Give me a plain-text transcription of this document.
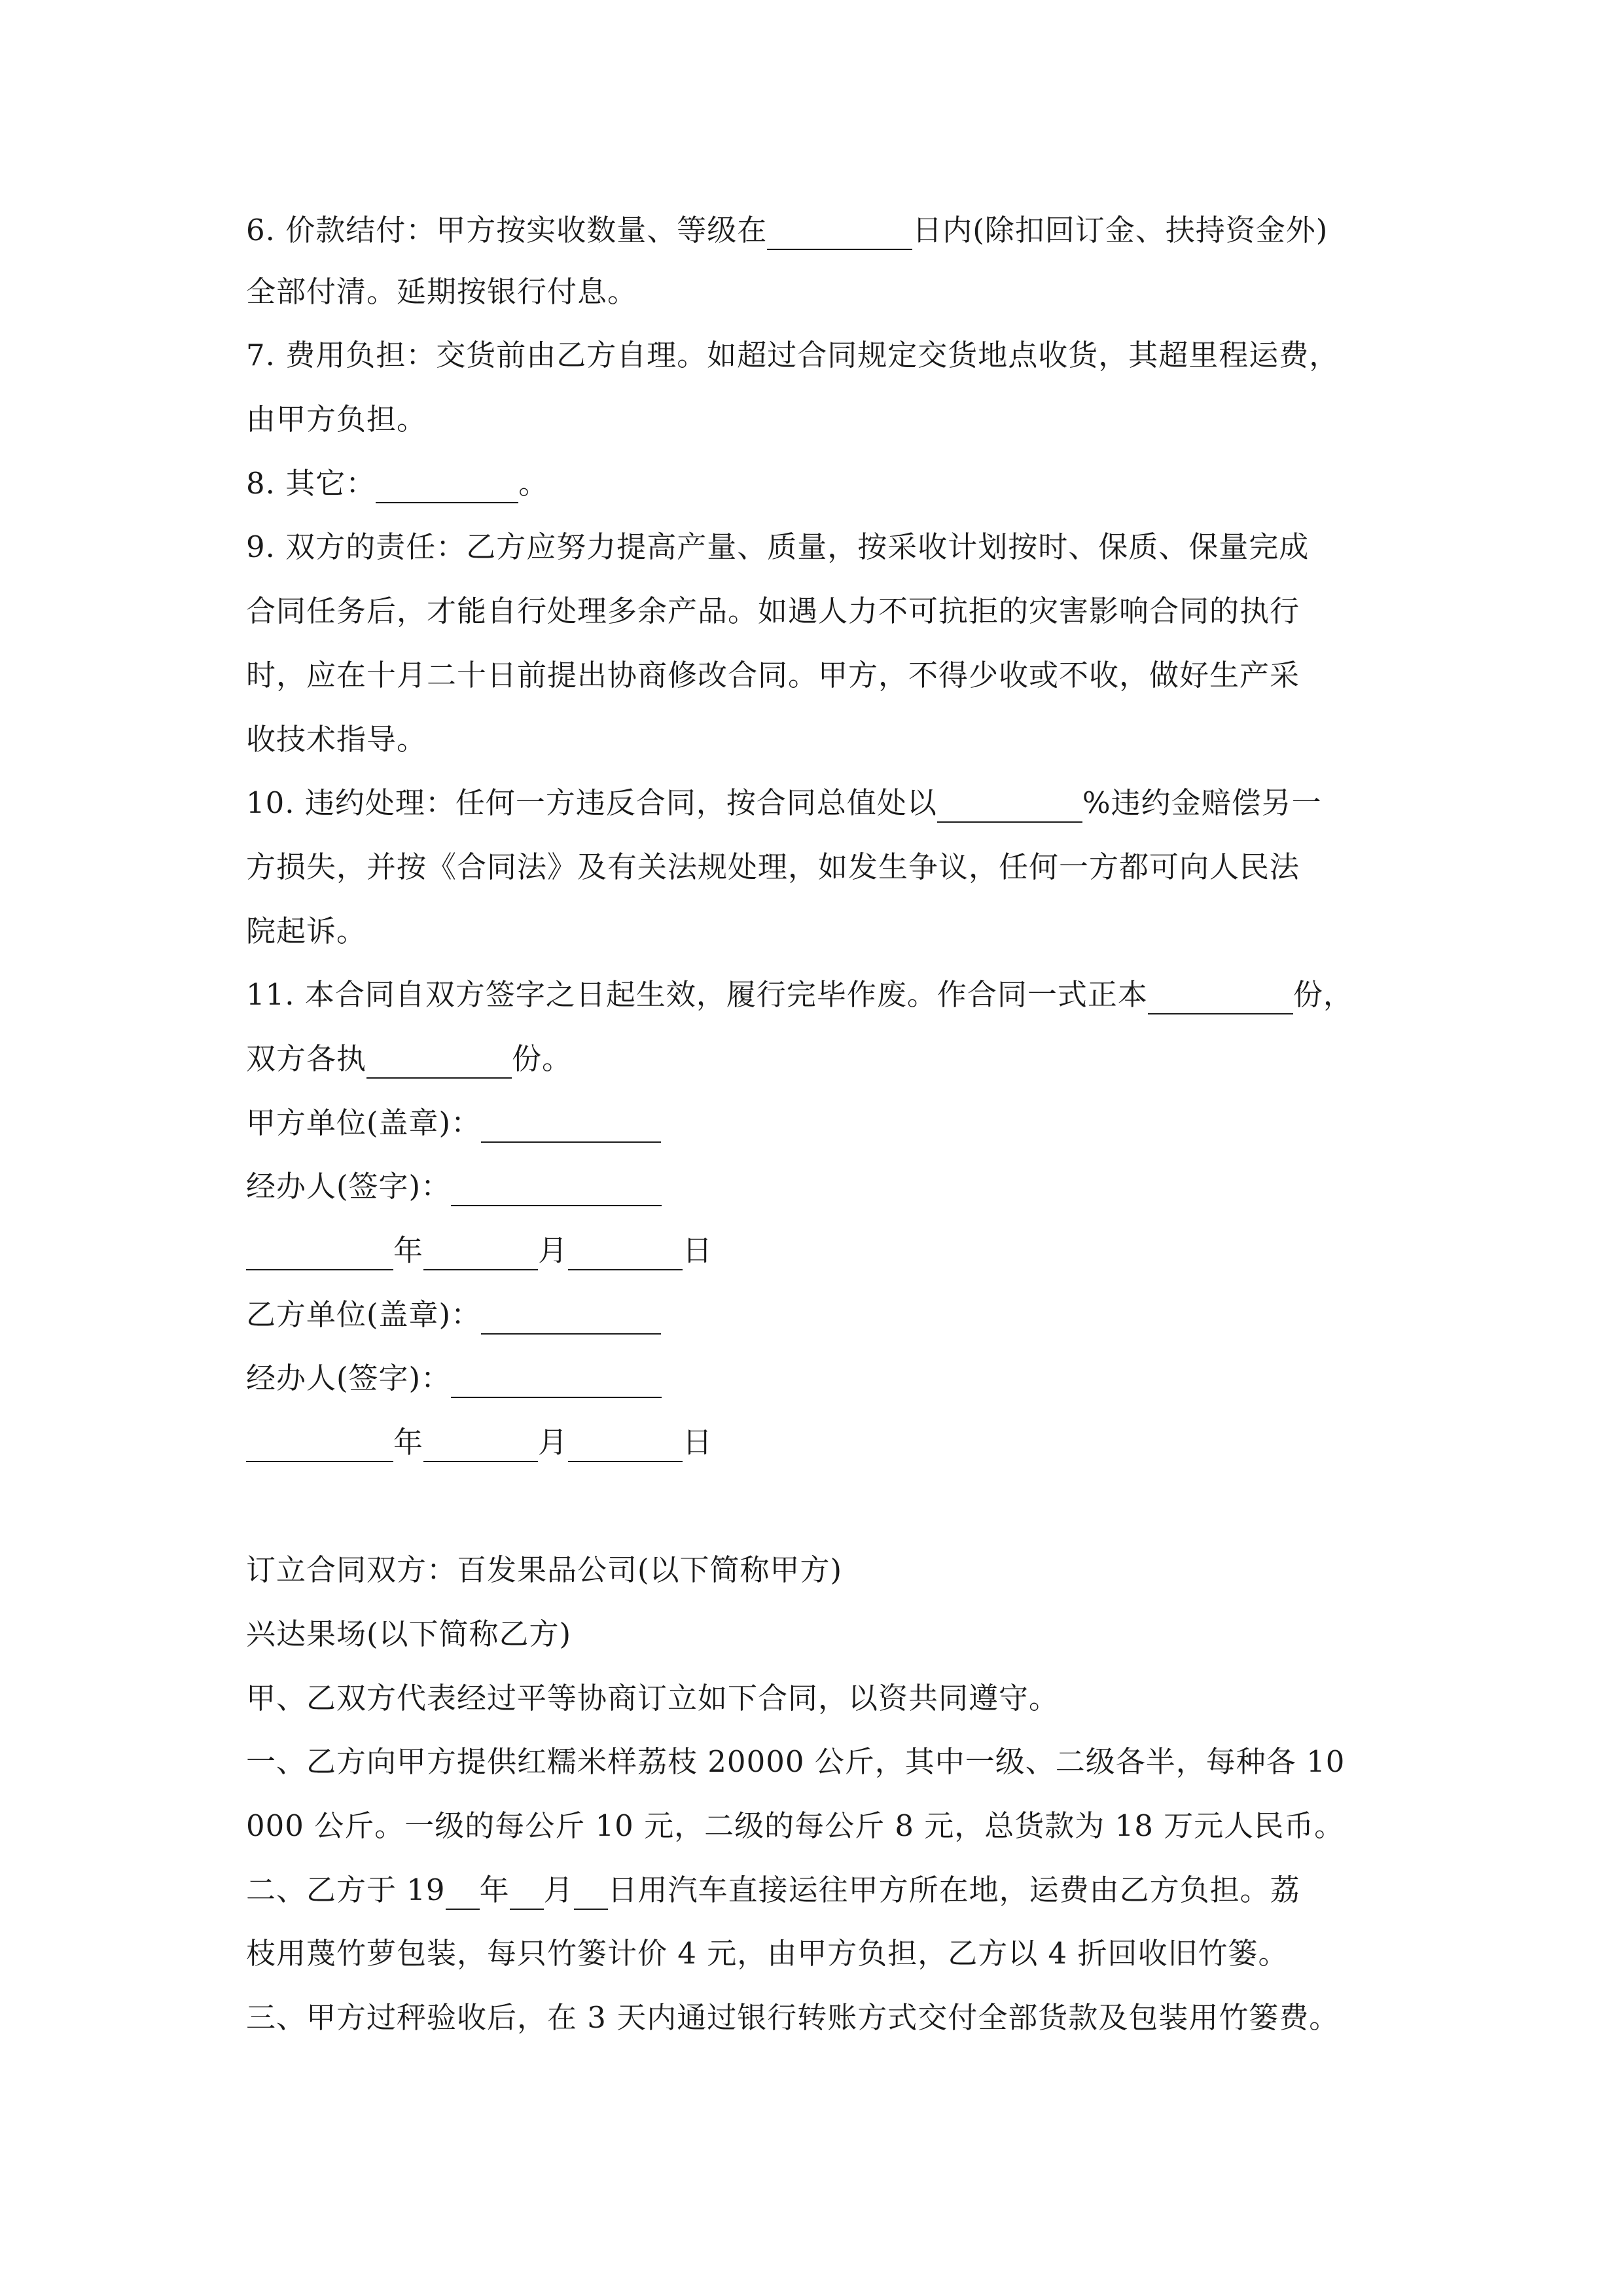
6. 价款结付：甲方按实收数量、等级在	日内(除扣回订金、扶持资金外)
全部付清。延期按银行付息。
7. 费用负担：交货前由乙方自理。如超过合同规定交货地点收货，其超里程运费，
由甲方负担。
8. 其它：	。
9. 双方的责任：乙方应努力提高产量、质量，按采收计划按时、保质、保量完成
合同任务后，才能自行处理多余产品。如遇人力不可抗拒的灾害影响合同的执行
时，应在十月二十日前提出协商修改合同。甲方，不得少收或不收，做好生产采
收技术指导。
10. 违约处理：任何一方违反合同，按合同总值处以	%违约金赔偿另一
方损失，并按《合同法》及有关法规处理，如发生争议，任何一方都可向人民法
院起诉。
11. 本合同自双方签字之日起生效，履行完毕作废。作合同一式正本	份，
双方各执	份。
甲方单位(盖章)：
经办人(签字)：
年	月	日
乙方单位(盖章)：
经办人(签字)：
年	月	日
订立合同双方：百发果品公司(以下简称甲方)
兴达果场(以下简称乙方)
甲、乙双方代表经过平等协商订立如下合同，以资共同遵守。
一、乙方向甲方提供红糯米样荔枝 20000 公斤，其中一级、二级各半，每种各 10
000 公斤。一级的每公斤 10 元，二级的每公斤 8 元，总货款为 18 万元人民币。
二、乙方于 19 年 月 日用汽车直接运往甲方所在地，运费由乙方负担。荔
枝用蔑竹萝包装，每只竹篓计价 4 元，由甲方负担，乙方以 4 折回收旧竹篓。
三、甲方过秤验收后，在 3 天内通过银行转账方式交付全部货款及包装用竹篓费。
